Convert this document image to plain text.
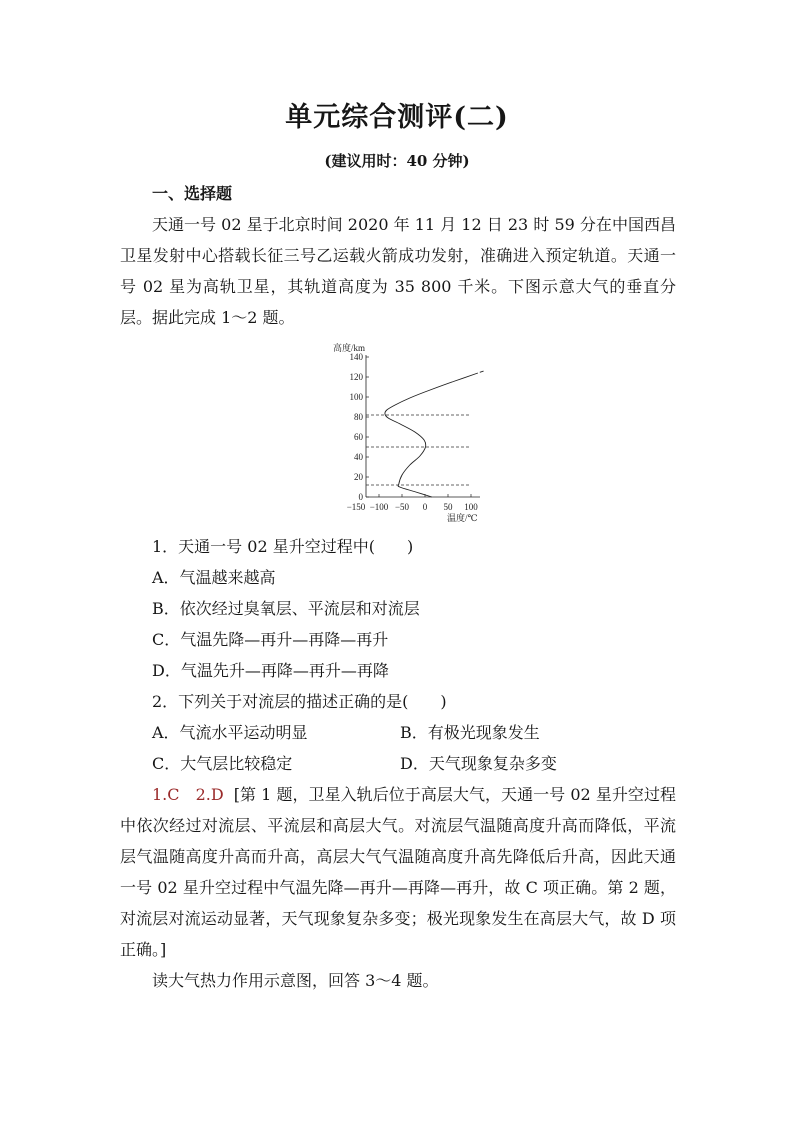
单元综合测评(二)
(建议用时：40 分钟)
一、选择题

天通一号 02 星于北京时间 2020 年 11 月 12 日 23 时 59 分在中国西昌卫星发射中心搭载长征三号乙运载火箭成功发射，准确进入预定轨道。天通一号 02 星为高轨卫星，其轨道高度为 35 800 千米。下图示意大气的垂直分层。据此完成 1～2 题。

高度/km
温度/℃
0
20
40
60
80
100
120
140
−150 −100 −50 0 50 100
1．天通一号 02 星升空过程中(　　)
A．气温越来越高
B．依次经过臭氧层、平流层和对流层
C．气温先降—再升—再降—再升
D．气温先升—再降—再升—再降
2．下列关于对流层的描述正确的是(　　)
A．气流水平运动明显	B．有极光现象发生
C．大气层比较稳定	D．天气现象复杂多变

1.C　2.D [第 1 题，卫星入轨后位于高层大气，天通一号 02 星升空过程中依次经过对流层、平流层和高层大气。对流层气温随高度升高而降低，平流层气温随高度升高而升高，高层大气气温随高度升高先降低后升高，因此天通一号 02 星升空过程中气温先降—再升—再降—再升，故 C 项正确。第 2 题，对流层对流运动显著，天气现象复杂多变；极光现象发生在高层大气，故 D 项正确。]

读大气热力作用示意图，回答 3～4 题。
